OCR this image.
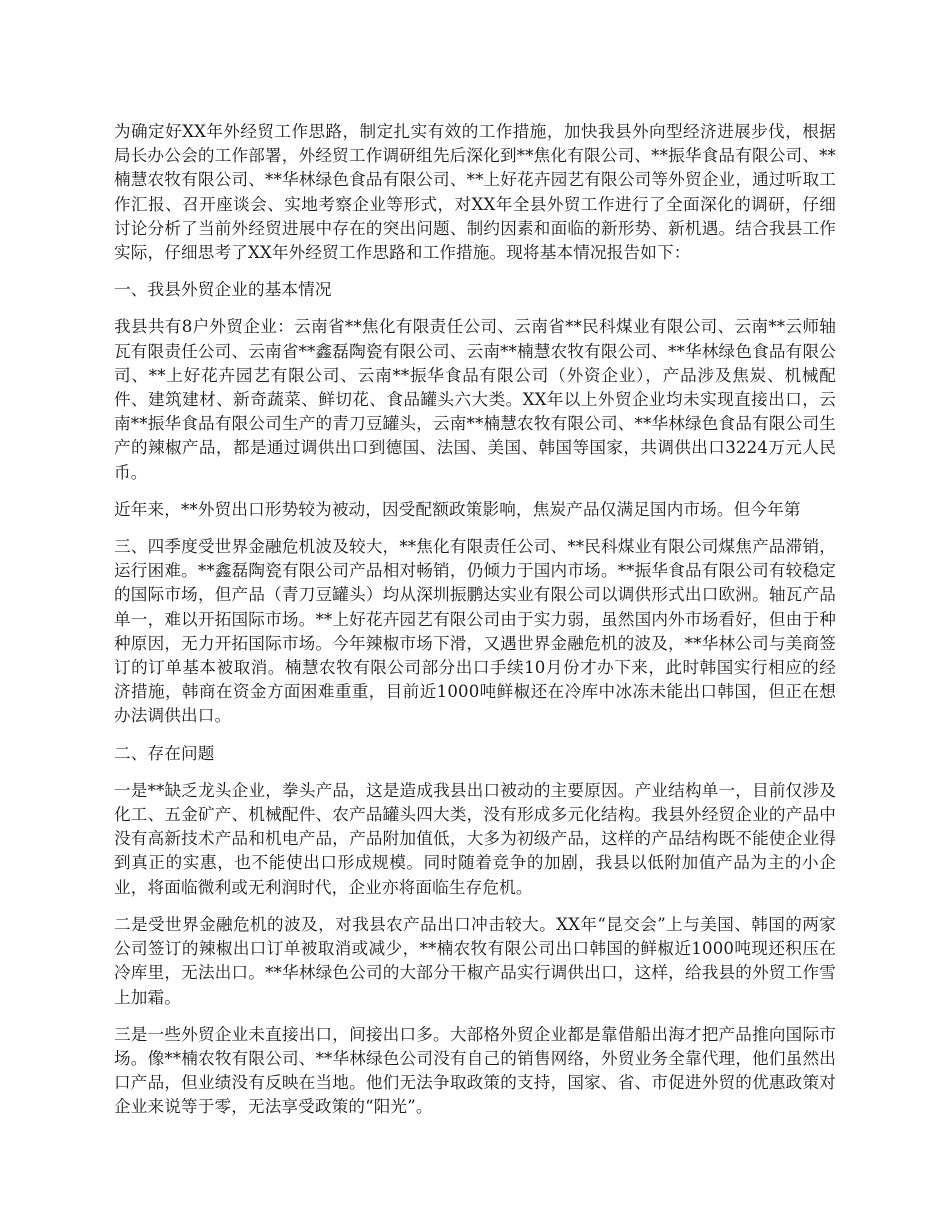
为确定好XX年外经贸工作思路，制定扎实有效的工作措施，加快我县外向型经济进展步伐，根据局长办公会的工作部署，外经贸工作调研组先后深化到**焦化有限公司、**振华食品有限公司、**楠慧农牧有限公司、**华林绿色食品有限公司、**上好花卉园艺有限公司等外贸企业，通过听取工作汇报、召开座谈会、实地考察企业等形式，对XX年全县外贸工作进行了全面深化的调研，仔细讨论分析了当前外经贸进展中存在的突出问题、制约因素和面临的新形势、新机遇。结合我县工作实际，仔细思考了XX年外经贸工作思路和工作措施。现将基本情况报告如下：

一、我县外贸企业的基本情况

我县共有8户外贸企业：云南省**焦化有限责任公司、云南省**民科煤业有限公司、云南**云师轴瓦有限责任公司、云南省**鑫磊陶瓷有限公司、云南**楠慧农牧有限公司、**华林绿色食品有限公司、**上好花卉园艺有限公司、云南**振华食品有限公司（外资企业），产品涉及焦炭、机械配件、建筑建材、新奇蔬菜、鲜切花、食品罐头六大类。XX年以上外贸企业均未实现直接出口，云南**振华食品有限公司生产的青刀豆罐头，云南**楠慧农牧有限公司、**华林绿色食品有限公司生产的辣椒产品，都是通过调供出口到德国、法国、美国、韩国等国家，共调供出口3224万元人民币。

近年来，**外贸出口形势较为被动，因受配额政策影响，焦炭产品仅满足国内市场。但今年第

三、四季度受世界金融危机波及较大，**焦化有限责任公司、**民科煤业有限公司煤焦产品滞销，运行困难。**鑫磊陶瓷有限公司产品相对畅销，仍倾力于国内市场。**振华食品有限公司有较稳定的国际市场，但产品（青刀豆罐头）均从深圳振鹏达实业有限公司以调供形式出口欧洲。轴瓦产品单一，难以开拓国际市场。**上好花卉园艺有限公司由于实力弱，虽然国内外市场看好，但由于种种原因，无力开拓国际市场。今年辣椒市场下滑，又遇世界金融危机的波及，**华林公司与美商签订的订单基本被取消。楠慧农牧有限公司部分出口手续10月份才办下来，此时韩国实行相应的经济措施，韩商在资金方面困难重重，目前近1000吨鲜椒还在冷库中冰冻未能出口韩国，但正在想办法调供出口。

二、存在问题

一是**缺乏龙头企业，拳头产品，这是造成我县出口被动的主要原因。产业结构单一，目前仅涉及化工、五金矿产、机械配件、农产品罐头四大类，没有形成多元化结构。我县外经贸企业的产品中没有高新技术产品和机电产品，产品附加值低，大多为初级产品，这样的产品结构既不能使企业得到真正的实惠，也不能使出口形成规模。同时随着竞争的加剧，我县以低附加值产品为主的小企业，将面临微利或无利润时代，企业亦将面临生存危机。

二是受世界金融危机的波及，对我县农产品出口冲击较大。XX年“昆交会”上与美国、韩国的两家公司签订的辣椒出口订单被取消或减少，**楠农牧有限公司出口韩国的鲜椒近1000吨现还积压在冷库里，无法出口。**华林绿色公司的大部分干椒产品实行调供出口，这样，给我县的外贸工作雪上加霜。

三是一些外贸企业未直接出口，间接出口多。大部格外贸企业都是靠借船出海才把产品推向国际市场。像**楠农牧有限公司、**华林绿色公司没有自己的销售网络，外贸业务全靠代理，他们虽然出口产品，但业绩没有反映在当地。他们无法争取政策的支持，国家、省、市促进外贸的优惠政策对企业来说等于零，无法享受政策的“阳光”。
